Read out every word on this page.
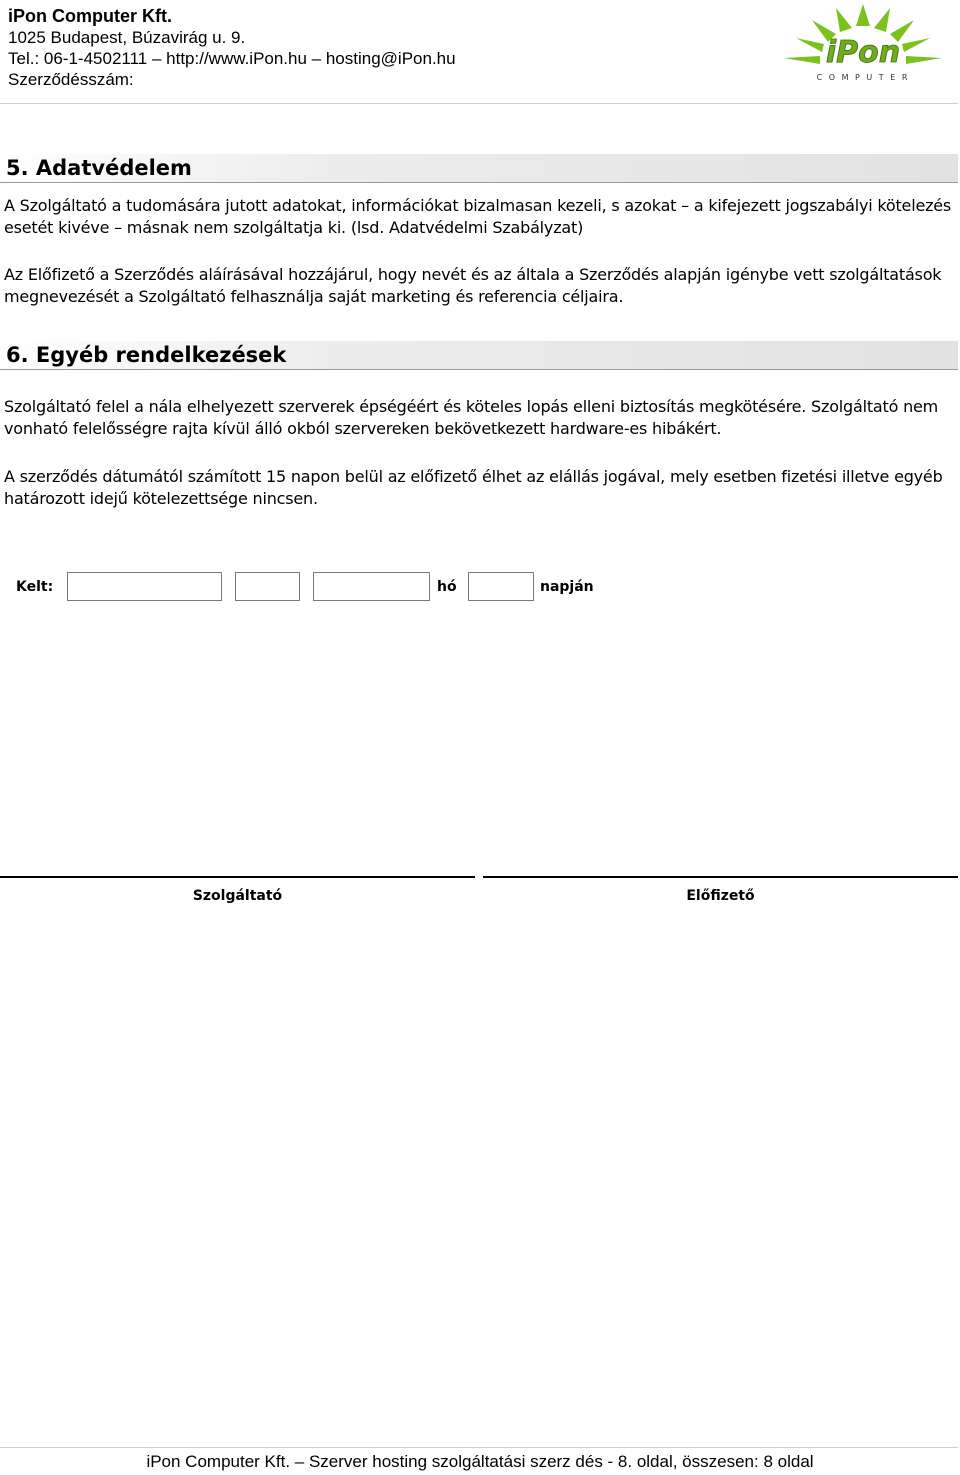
iPon Computer Kft.
1025 Budapest, Búzavirág u. 9.
Tel.: 06-1-4502111 – http://www.iPon.hu – hosting@iPon.hu
Szerződésszám:
iPon
C O M P U T E R
5. Adatvédelem
A Szolgáltató a tudomására jutott adatokat, információkat bizalmasan kezeli, s azokat – a kifejezett jogszabályi kötelezés esetét kivéve – másnak nem szolgáltatja ki. (lsd. Adatvédelmi Szabályzat)
Az Előfizető a Szerződés aláírásával hozzájárul, hogy nevét és az általa a Szerződés alapján igénybe vett szolgáltatások megnevezését a Szolgáltató felhasználja saját marketing és referencia céljaira.
6. Egyéb rendelkezések
Szolgáltató felel a nála elhelyezett szerverek épségéért és köteles lopás elleni biztosítás megkötésére. Szolgáltató nem vonható felelősségre rajta kívül álló okból szervereken bekövetkezett hardware-es hibákért.
A szerződés dátumától számított 15 napon belül az előfizető élhet az elállás jogával, mely esetben fizetési illetve egyéb határozott idejű kötelezettsége nincsen.
Kelt:	hó	napján
Szolgáltató	Előfizető
iPon Computer Kft. – Szerver hosting szolgáltatási szerz dés - 8. oldal, összesen: 8 oldal
